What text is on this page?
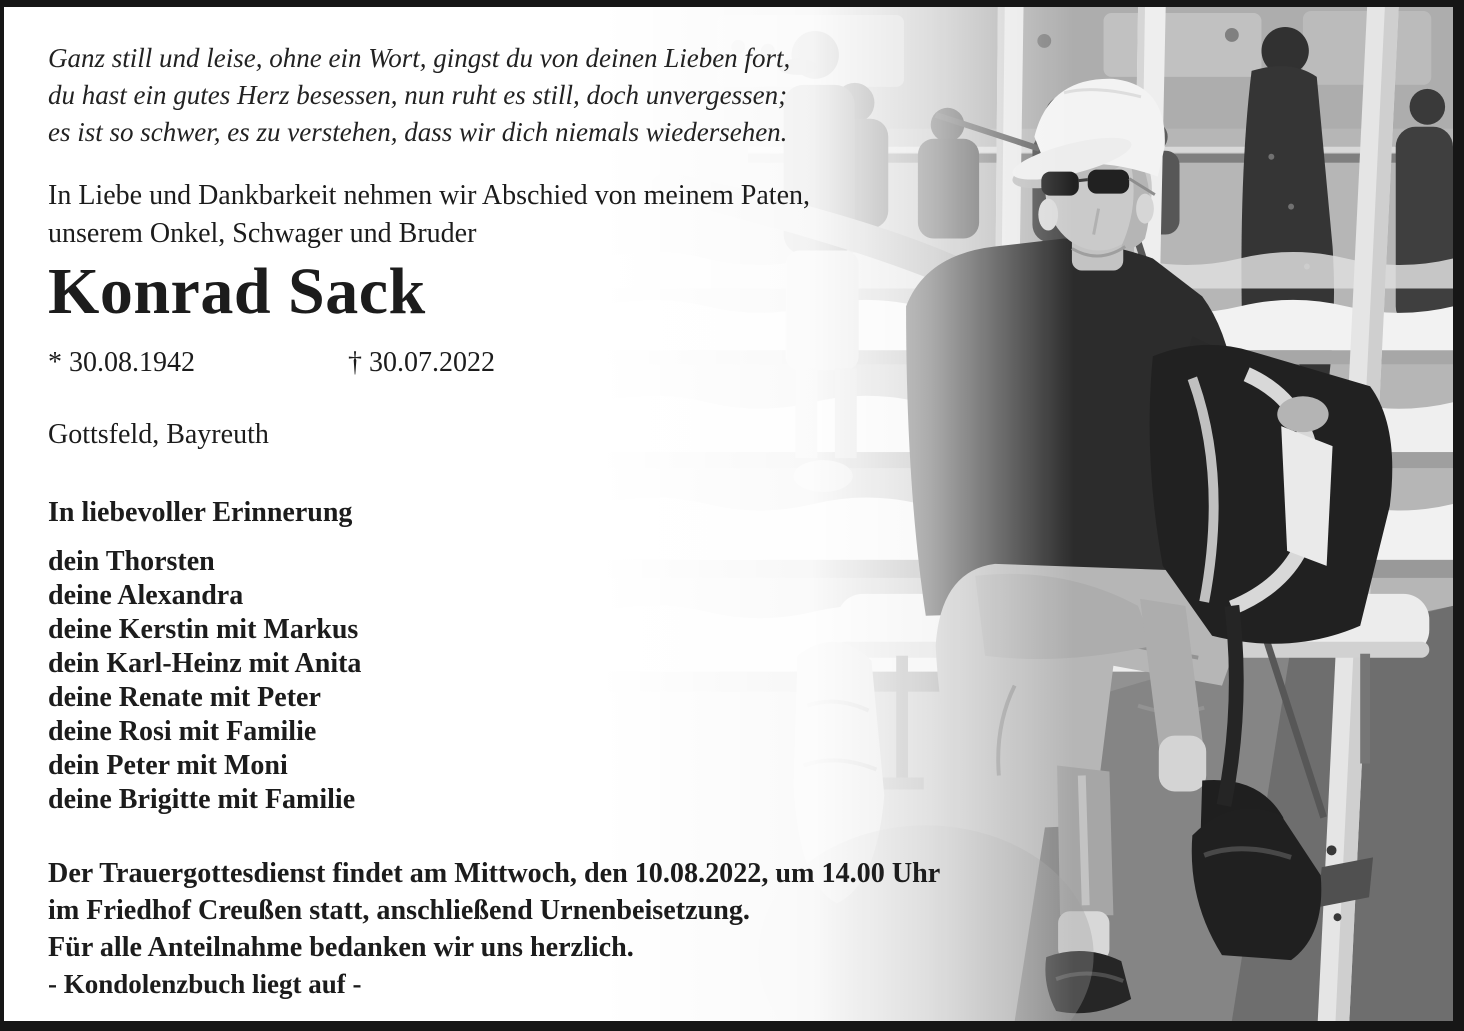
Ganz still und leise, ohne ein Wort, gingst du von deinen Lieben fort,
du hast ein gutes Herz besessen, nun ruht es still, doch unvergessen;
es ist so schwer, es zu verstehen, dass wir dich niemals wiedersehen.
In Liebe und Dankbarkeit nehmen wir Abschied von meinem Paten,
unserem Onkel, Schwager und Bruder
Konrad Sack
* 30.08.1942	† 30.07.2022
Gottsfeld, Bayreuth
In liebevoller Erinnerung
dein Thorsten
deine Alexandra
deine Kerstin mit Markus
dein Karl-Heinz mit Anita
deine Renate mit Peter
deine Rosi mit Familie
dein Peter mit Moni
deine Brigitte mit Familie
Der Trauergottesdienst findet am Mittwoch, den 10.08.2022, um 14.00 Uhr
im Friedhof Creußen statt, anschließend Urnenbeisetzung.
Für alle Anteilnahme bedanken wir uns herzlich.
- Kondolenzbuch liegt auf -
